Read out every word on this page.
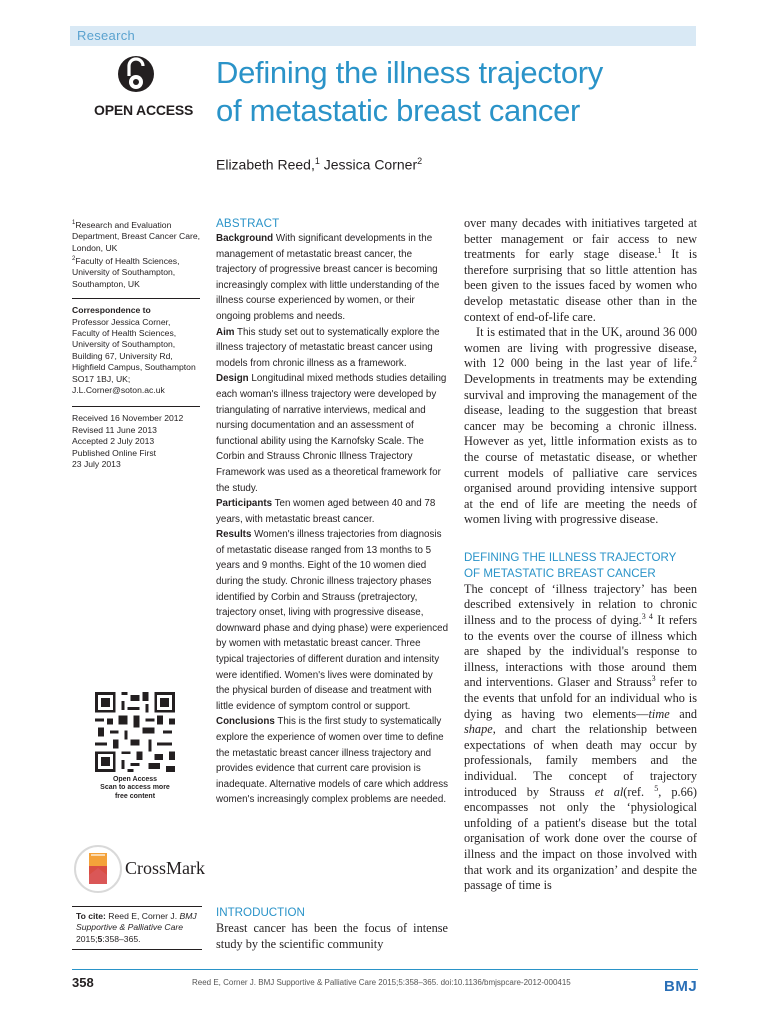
Research
OPEN ACCESS
Defining the illness trajectory
of metastatic breast cancer
Elizabeth Reed,$^1$ Jessica Corner$^2$
$^1$Research and Evaluation Department, Breast Cancer Care, London, UK
$^2$Faculty of Health Sciences, University of Southampton, Southampton, UK
Correspondence to
Professor Jessica Corner, Faculty of Health Sciences, University of Southampton, Building 67, University Rd, Highfield Campus, Southampton SO17 1BJ, UK; J.L.Corner@soton.ac.uk
Received 16 November 2012
Revised 11 June 2013
Accepted 2 July 2013
Published Online First
23 July 2013
Open Access
Scan to access more
free content
CrossMark
To cite: Reed E, Corner J. BMJ Supportive & Palliative Care 2015;5:358–365.
ABSTRACT
Background With significant developments in the management of metastatic breast cancer, the trajectory of progressive breast cancer is becoming increasingly complex with little understanding of the illness course experienced by women, or their ongoing problems and needs.
Aim This study set out to systematically explore the illness trajectory of metastatic breast cancer using models from chronic illness as a framework.
Design Longitudinal mixed methods studies detailing each woman's illness trajectory were developed by triangulating of narrative interviews, medical and nursing documentation and an assessment of functional ability using the Karnofsky Scale. The Corbin and Strauss Chronic Illness Trajectory Framework was used as a theoretical framework for the study.
Participants Ten women aged between 40 and 78 years, with metastatic breast cancer.
Results Women's illness trajectories from diagnosis of metastatic disease ranged from 13 months to 5 years and 9 months. Eight of the 10 women died during the study. Chronic illness trajectory phases identified by Corbin and Strauss (pretrajectory, trajectory onset, living with progressive disease, downward phase and dying phase) were experienced by women with metastatic breast cancer. Three typical trajectories of different duration and intensity were identified. Women's lives were dominated by the physical burden of disease and treatment with little evidence of symptom control or support.
Conclusions This is the first study to systematically explore the experience of women over time to define the metastatic breast cancer illness trajectory and provides evidence that current care provision is inadequate. Alternative models of care which address women's increasingly complex problems are needed.
INTRODUCTION
Breast cancer has been the focus of intense study by the scientific community

over many decades with initiatives targeted at better management or fair access to new treatments for early stage disease.$^1$ It is therefore surprising that so little attention has been given to the issues faced by women who develop metastatic disease other than in the context of end-of-life care.

It is estimated that in the UK, around 36 000 women are living with progressive disease, with 12 000 being in the last year of life.$^2$ Developments in treatments may be extending survival and improving the management of the disease, leading to the suggestion that breast cancer may be becoming a chronic illness. However as yet, little information exists as to the course of metastatic disease, or whether current models of palliative care services organised around providing intensive support at the end of life are meeting the needs of women living with progressive disease.

DEFINING THE ILLNESS TRAJECTORY
OF METASTATIC BREAST CANCER

The concept of ‘illness trajectory’ has been described extensively in relation to chronic illness and to the process of dying.$^{3 4}$ It refers to the events over the course of illness which are shaped by the individual's response to illness, interactions with those around them and interventions. Glaser and Strauss$^3$ refer to the events that unfold for an individual who is dying as having two elements—time and shape, and chart the relationship between expectations of when death may occur by professionals, family members and the individual. The concept of trajectory introduced by Strauss et al(ref. $^5$, p.66) encompasses not only the ‘physiological unfolding of a patient's disease but the total organisation of work done over the course of illness and the impact on those involved with that work and its organization’ and despite the passage of time is

358	Reed E, Corner J. BMJ Supportive & Palliative Care 2015;5:358–365. doi:10.1136/bmjspcare-2012-000415	BMJ
